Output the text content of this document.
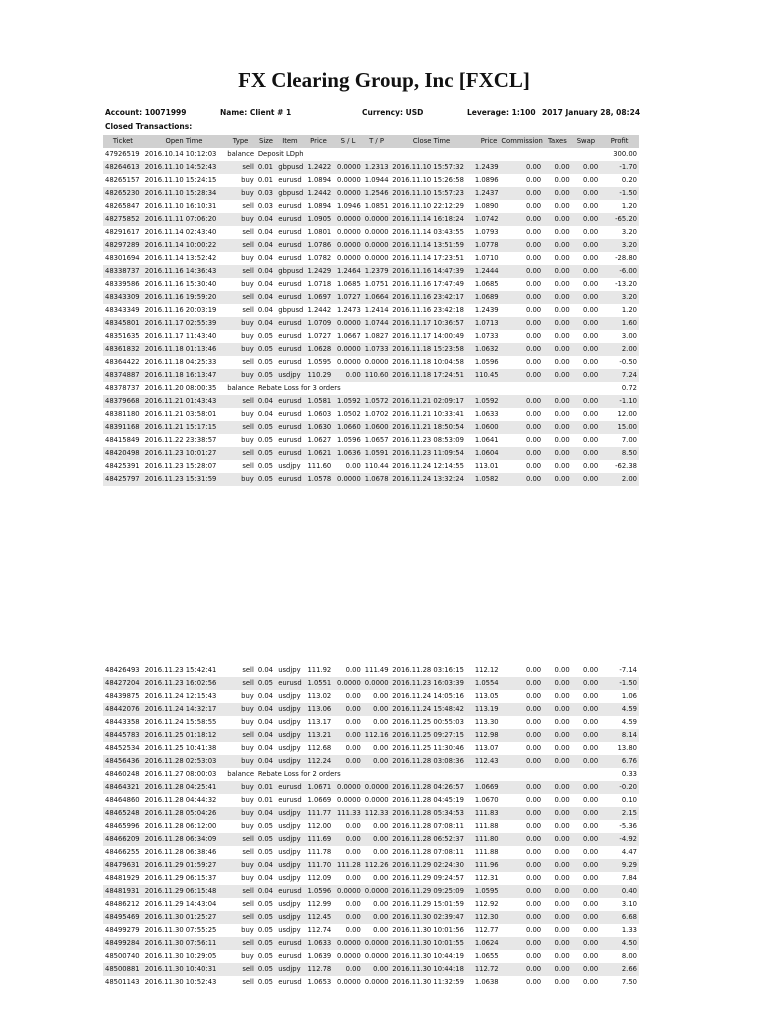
FX Clearing Group, Inc [FXCL]
Account: 10071999	Name: Client # 1	Currency: USD	Leverage: 1:100 2017 January 28, 08:24
Closed Transactions:
Ticket	Open Time	Type	Size	Item	Price	S / L	T / P	Close Time	Price	Commission	Taxes	Swap	Profit
47926519	2016.10.14 10:12:03	balance	Deposit LDph										300.00
48264613	2016.11.10 14:52:43	sell	0.01	gbpusd	1.2422	0.0000	1.2313	2016.11.10 15:57:32	1.2439	0.00	0.00	0.00	-1.70
48265157	2016.11.10 15:24:15	buy	0.01	eurusd	1.0894	0.0000	1.0944	2016.11.10 15:26:58	1.0896	0.00	0.00	0.00	0.20
48265230	2016.11.10 15:28:34	buy	0.03	gbpusd	1.2442	0.0000	1.2546	2016.11.10 15:57:23	1.2437	0.00	0.00	0.00	-1.50
48265847	2016.11.10 16:10:31	sell	0.03	eurusd	1.0894	1.0946	1.0851	2016.11.10 22:12:29	1.0890	0.00	0.00	0.00	1.20
48275852	2016.11.11 07:06:20	buy	0.04	eurusd	1.0905	0.0000	0.0000	2016.11.14 16:18:24	1.0742	0.00	0.00	0.00	-65.20
48291617	2016.11.14 02:43:40	sell	0.04	eurusd	1.0801	0.0000	0.0000	2016.11.14 03:43:55	1.0793	0.00	0.00	0.00	3.20
48297289	2016.11.14 10:00:22	sell	0.04	eurusd	1.0786	0.0000	0.0000	2016.11.14 13:51:59	1.0778	0.00	0.00	0.00	3.20
48301694	2016.11.14 13:52:42	buy	0.04	eurusd	1.0782	0.0000	0.0000	2016.11.14 17:23:51	1.0710	0.00	0.00	0.00	-28.80
48338737	2016.11.16 14:36:43	sell	0.04	gbpusd	1.2429	1.2464	1.2379	2016.11.16 14:47:39	1.2444	0.00	0.00	0.00	-6.00
48339586	2016.11.16 15:30:40	buy	0.04	eurusd	1.0718	1.0685	1.0751	2016.11.16 17:47:49	1.0685	0.00	0.00	0.00	-13.20
48343309	2016.11.16 19:59:20	sell	0.04	eurusd	1.0697	1.0727	1.0664	2016.11.16 23:42:17	1.0689	0.00	0.00	0.00	3.20
48343349	2016.11.16 20:03:19	sell	0.04	gbpusd	1.2442	1.2473	1.2414	2016.11.16 23:42:18	1.2439	0.00	0.00	0.00	1.20
48345801	2016.11.17 02:55:39	buy	0.04	eurusd	1.0709	0.0000	1.0744	2016.11.17 10:36:57	1.0713	0.00	0.00	0.00	1.60
48351635	2016.11.17 11:43:40	buy	0.05	eurusd	1.0727	1.0667	1.0827	2016.11.17 14:00:49	1.0733	0.00	0.00	0.00	3.00
48361832	2016.11.18 01:13:46	buy	0.05	eurusd	1.0628	0.0000	1.0733	2016.11.18 15:23:58	1.0632	0.00	0.00	0.00	2.00
48364422	2016.11.18 04:25:33	sell	0.05	eurusd	1.0595	0.0000	0.0000	2016.11.18 10:04:58	1.0596	0.00	0.00	0.00	-0.50
48374887	2016.11.18 16:13:47	buy	0.05	usdjpy	110.29	0.00	110.60	2016.11.18 17:24:51	110.45	0.00	0.00	0.00	7.24
48378737	2016.11.20 08:00:35	balance	Rebate Loss for 3 orders										0.72
48379668	2016.11.21 01:43:43	sell	0.04	eurusd	1.0581	1.0592	1.0572	2016.11.21 02:09:17	1.0592	0.00	0.00	0.00	-1.10
48381180	2016.11.21 03:58:01	buy	0.04	eurusd	1.0603	1.0502	1.0702	2016.11.21 10:33:41	1.0633	0.00	0.00	0.00	12.00
48391168	2016.11.21 15:17:15	sell	0.05	eurusd	1.0630	1.0660	1.0600	2016.11.21 18:50:54	1.0600	0.00	0.00	0.00	15.00
48415849	2016.11.22 23:38:57	buy	0.05	eurusd	1.0627	1.0596	1.0657	2016.11.23 08:53:09	1.0641	0.00	0.00	0.00	7.00
48420498	2016.11.23 10:01:27	sell	0.05	eurusd	1.0621	1.0636	1.0591	2016.11.23 11:09:54	1.0604	0.00	0.00	0.00	8.50
48425391	2016.11.23 15:28:07	sell	0.05	usdjpy	111.60	0.00	110.44	2016.11.24 12:14:55	113.01	0.00	0.00	0.00	-62.38
48425797	2016.11.23 15:31:59	buy	0.05	eurusd	1.0578	0.0000	1.0678	2016.11.24 13:32:24	1.0582	0.00	0.00	0.00	2.00
48426493	2016.11.23 15:42:41	sell	0.04	usdjpy	111.92	0.00	111.49	2016.11.28 03:16:15	112.12	0.00	0.00	0.00	-7.14
48427204	2016.11.23 16:02:56	sell	0.05	eurusd	1.0551	0.0000	0.0000	2016.11.23 16:03:39	1.0554	0.00	0.00	0.00	-1.50
48439875	2016.11.24 12:15:43	buy	0.04	usdjpy	113.02	0.00	0.00	2016.11.24 14:05:16	113.05	0.00	0.00	0.00	1.06
48442076	2016.11.24 14:32:17	buy	0.04	usdjpy	113.06	0.00	0.00	2016.11.24 15:48:42	113.19	0.00	0.00	0.00	4.59
48443358	2016.11.24 15:58:55	buy	0.04	usdjpy	113.17	0.00	0.00	2016.11.25 00:55:03	113.30	0.00	0.00	0.00	4.59
48445783	2016.11.25 01:18:12	sell	0.04	usdjpy	113.21	0.00	112.16	2016.11.25 09:27:15	112.98	0.00	0.00	0.00	8.14
48452534	2016.11.25 10:41:38	buy	0.04	usdjpy	112.68	0.00	0.00	2016.11.25 11:30:46	113.07	0.00	0.00	0.00	13.80
48456436	2016.11.28 02:53:03	buy	0.04	usdjpy	112.24	0.00	0.00	2016.11.28 03:08:36	112.43	0.00	0.00	0.00	6.76
48460248	2016.11.27 08:00:03	balance	Rebate Loss for 2 orders										0.33
48464321	2016.11.28 04:25:41	buy	0.01	eurusd	1.0671	0.0000	0.0000	2016.11.28 04:26:57	1.0669	0.00	0.00	0.00	-0.20
48464860	2016.11.28 04:44:32	buy	0.01	eurusd	1.0669	0.0000	0.0000	2016.11.28 04:45:19	1.0670	0.00	0.00	0.00	0.10
48465248	2016.11.28 05:04:26	buy	0.04	usdjpy	111.77	111.33	112.33	2016.11.28 05:34:53	111.83	0.00	0.00	0.00	2.15
48465996	2016.11.28 06:12:00	buy	0.05	usdjpy	112.00	0.00	0.00	2016.11.28 07:08:11	111.88	0.00	0.00	0.00	-5.36
48466209	2016.11.28 06:34:09	sell	0.05	usdjpy	111.69	0.00	0.00	2016.11.28 06:52:37	111.80	0.00	0.00	0.00	-4.92
48466255	2016.11.28 06:38:46	sell	0.05	usdjpy	111.78	0.00	0.00	2016.11.28 07:08:11	111.88	0.00	0.00	0.00	4.47
48479631	2016.11.29 01:59:27	buy	0.04	usdjpy	111.70	111.28	112.26	2016.11.29 02:24:30	111.96	0.00	0.00	0.00	9.29
48481929	2016.11.29 06:15:37	buy	0.04	usdjpy	112.09	0.00	0.00	2016.11.29 09:24:57	112.31	0.00	0.00	0.00	7.84
48481931	2016.11.29 06:15:48	sell	0.04	eurusd	1.0596	0.0000	0.0000	2016.11.29 09:25:09	1.0595	0.00	0.00	0.00	0.40
48486212	2016.11.29 14:43:04	sell	0.05	usdjpy	112.99	0.00	0.00	2016.11.29 15:01:59	112.92	0.00	0.00	0.00	3.10
48495469	2016.11.30 01:25:27	sell	0.05	usdjpy	112.45	0.00	0.00	2016.11.30 02:39:47	112.30	0.00	0.00	0.00	6.68
48499279	2016.11.30 07:55:25	buy	0.05	usdjpy	112.74	0.00	0.00	2016.11.30 10:01:56	112.77	0.00	0.00	0.00	1.33
48499284	2016.11.30 07:56:11	sell	0.05	eurusd	1.0633	0.0000	0.0000	2016.11.30 10:01:55	1.0624	0.00	0.00	0.00	4.50
48500740	2016.11.30 10:29:05	buy	0.05	eurusd	1.0639	0.0000	0.0000	2016.11.30 10:44:19	1.0655	0.00	0.00	0.00	8.00
48500881	2016.11.30 10:40:31	sell	0.05	usdjpy	112.78	0.00	0.00	2016.11.30 10:44:18	112.72	0.00	0.00	0.00	2.66
48501143	2016.11.30 10:52:43	sell	0.05	eurusd	1.0653	0.0000	0.0000	2016.11.30 11:32:59	1.0638	0.00	0.00	0.00	7.50
